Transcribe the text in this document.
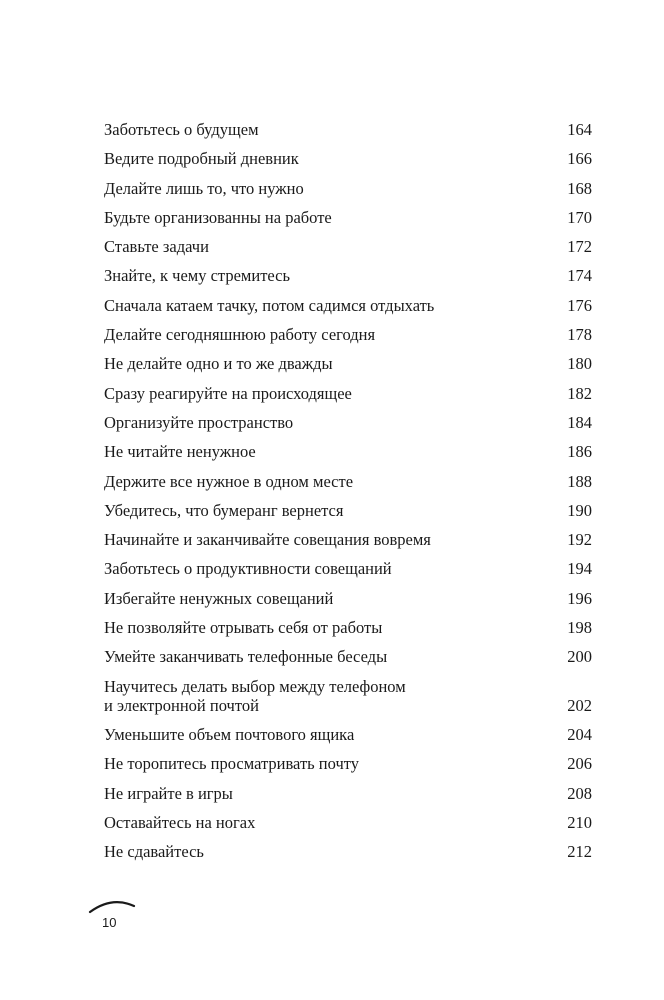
Заботьтесь о будущем	164
Ведите подробный дневник	166
Делайте лишь то, что нужно	168
Будьте организованны на работе	170
Ставьте задачи	172
Знайте, к чему стремитесь	174
Сначала катаем тачку, потом садимся отдыхать	176
Делайте сегодняшнюю работу сегодня	178
Не делайте одно и то же дважды	180
Сразу реагируйте на происходящее	182
Организуйте пространство	184
Не читайте ненужное	186
Держите все нужное в одном месте	188
Убедитесь, что бумеранг вернется	190
Начинайте и заканчивайте совещания вовремя	192
Заботьтесь о продуктивности совещаний	194
Избегайте ненужных совещаний	196
Не позволяйте отрывать себя от работы	198
Умейте заканчивать телефонные беседы	200
Научитесь делать выбор между телефоном
и электронной почтой	202
Уменьшите объем почтового ящика	204
Не торопитесь просматривать почту	206
Не играйте в игры	208
Оставайтесь на ногах	210
Не сдавайтесь	212
10
